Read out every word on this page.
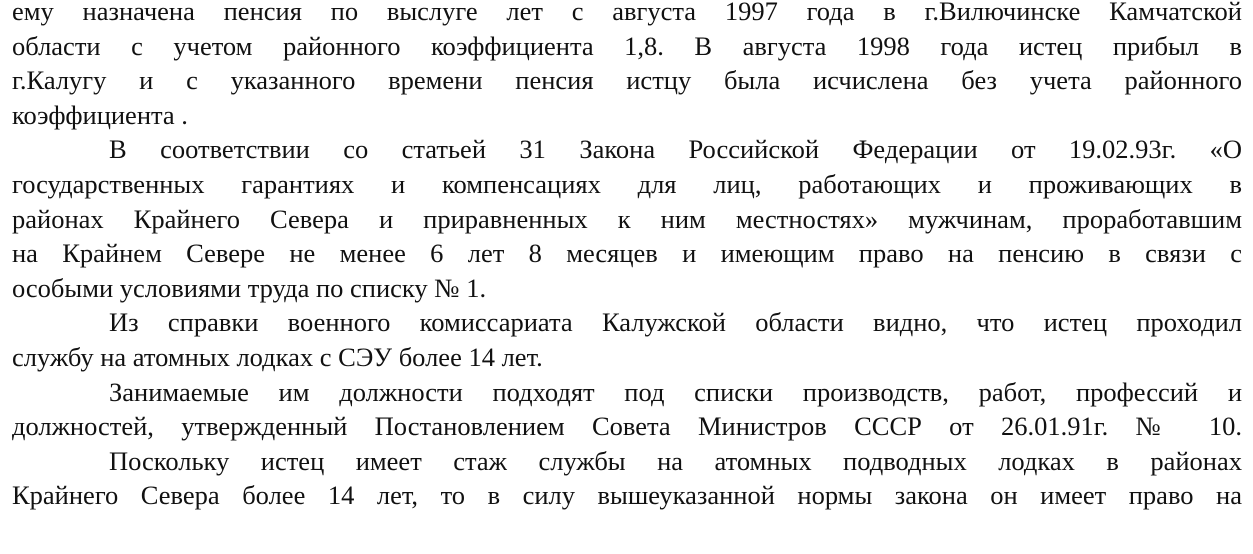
ему назначена пенсия по выслуге лет с августа 1997 года в г.Вилючинске Камчатской
области с учетом районного коэффициента 1,8. В августа 1998 года истец прибыл в
г.Калугу и с указанного времени пенсия истцу была исчислена без учета районного
коэффициента .
В соответствии со статьей 31 Закона Российской Федерации от 19.02.93г. «О
государственных гарантиях и компенсациях для лиц, работающих и проживающих в
районах Крайнего Севера и приравненных к ним местностях» мужчинам, проработавшим
на Крайнем Севере не менее 6 лет 8 месяцев и имеющим право на пенсию в связи с
особыми условиями труда по списку № 1.
Из справки военного комиссариата Калужской области видно, что истец проходил
службу на атомных лодках с СЭУ более 14 лет.
Занимаемые им должности подходят под списки производств, работ, профессий и
должностей, утвержденный Постановлением Совета Министров СССР от 26.01.91г. № 10.
Поскольку истец имеет стаж службы на атомных подводных лодках в районах
Крайнего Севера более 14 лет, то в силу вышеуказанной нормы закона он имеет право на
